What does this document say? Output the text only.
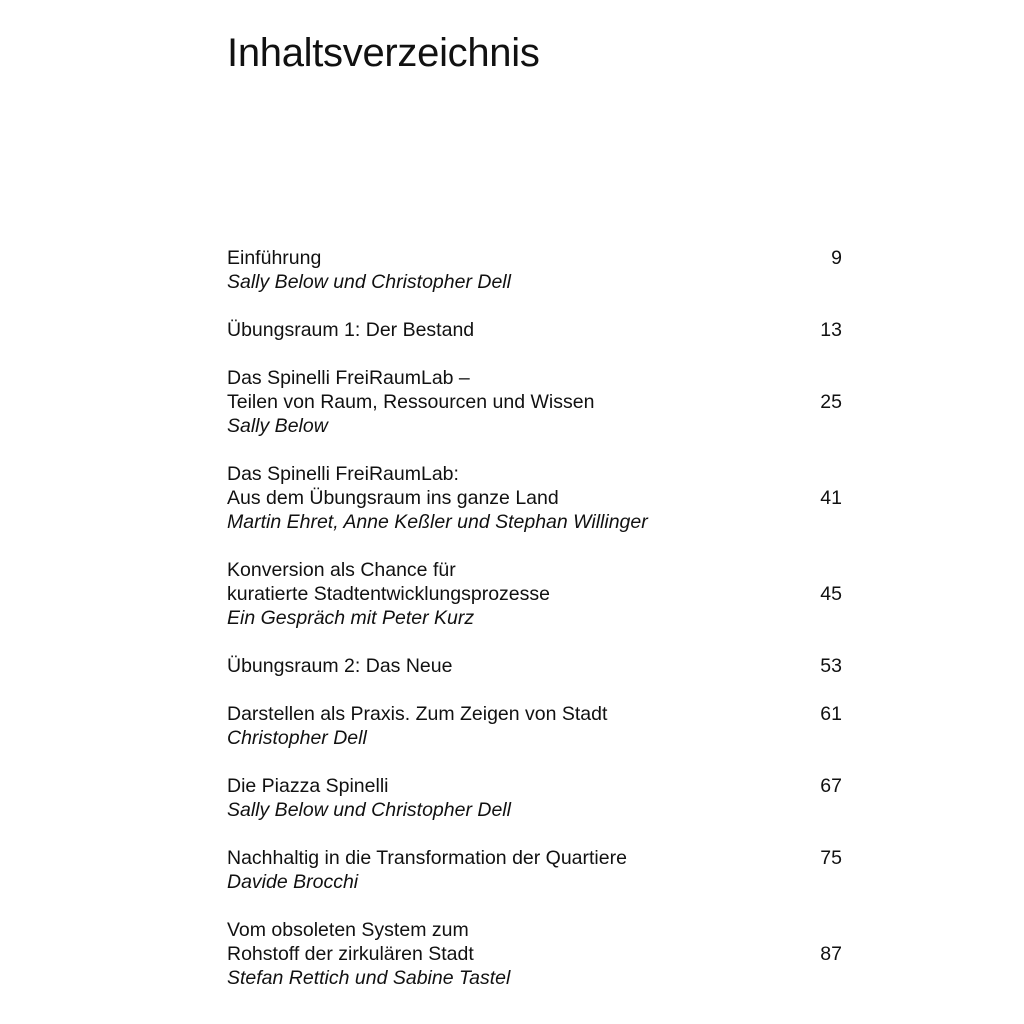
Inhaltsverzeichnis
Einführung
Sally Below und Christopher Dell
9
Übungsraum 1: Der Bestand	13
Das Spinelli FreiRaumLab –
Teilen von Raum, Ressourcen und Wissen
Sally Below
25
Das Spinelli FreiRaumLab:
Aus dem Übungsraum ins ganze Land
Martin Ehret, Anne Keßler und Stephan Willinger
41
Konversion als Chance für
kuratierte Stadtentwicklungsprozesse
Ein Gespräch mit Peter Kurz
45
Übungsraum 2: Das Neue	53
Darstellen als Praxis. Zum Zeigen von Stadt
Christopher Dell
61
Die Piazza Spinelli
Sally Below und Christopher Dell
67
Nachhaltig in die Transformation der Quartiere
Davide Brocchi
75
Vom obsoleten System zum
Rohstoff der zirkulären Stadt
Stefan Rettich und Sabine Tastel
87
